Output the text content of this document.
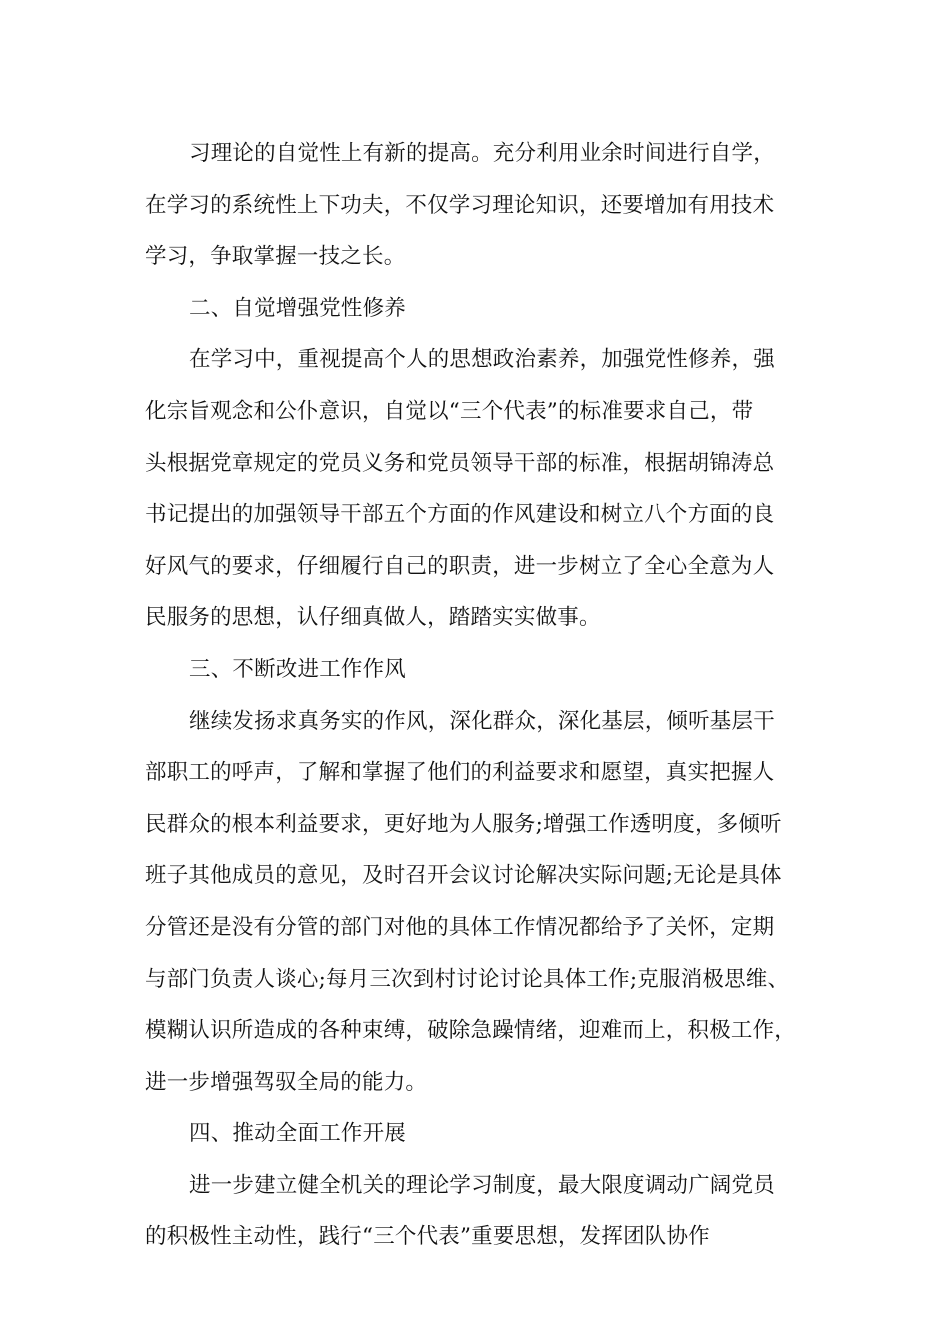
习理论的自觉性上有新的提高。充分利用业余时间进行自学，
在学习的系统性上下功夫，不仅学习理论知识，还要增加有用技术
学习，争取掌握一技之长。
二、自觉增强党性修养
在学习中，重视提高个人的思想政治素养，加强党性修养，强
化宗旨观念和公仆意识，自觉以“三个代表”的标准要求自己，带
头根据党章规定的党员义务和党员领导干部的标准，根据胡锦涛总
书记提出的加强领导干部五个方面的作风建设和树立八个方面的良
好风气的要求，仔细履行自己的职责，进一步树立了全心全意为人
民服务的思想，认仔细真做人，踏踏实实做事。
三、不断改进工作作风
继续发扬求真务实的作风，深化群众，深化基层，倾听基层干
部职工的呼声，了解和掌握了他们的利益要求和愿望，真实把握人
民群众的根本利益要求，更好地为人服务;增强工作透明度，多倾听
班子其他成员的意见，及时召开会议讨论解决实际问题;无论是具体
分管还是没有分管的部门对他的具体工作情况都给予了关怀，定期
与部门负责人谈心;每月三次到村讨论讨论具体工作;克服消极思维、
模糊认识所造成的各种束缚，破除急躁情绪，迎难而上，积极工作，
进一步增强驾驭全局的能力。
四、推动全面工作开展
进一步建立健全机关的理论学习制度，最大限度调动广阔党员
的积极性主动性，践行“三个代表”重要思想，发挥团队协作
